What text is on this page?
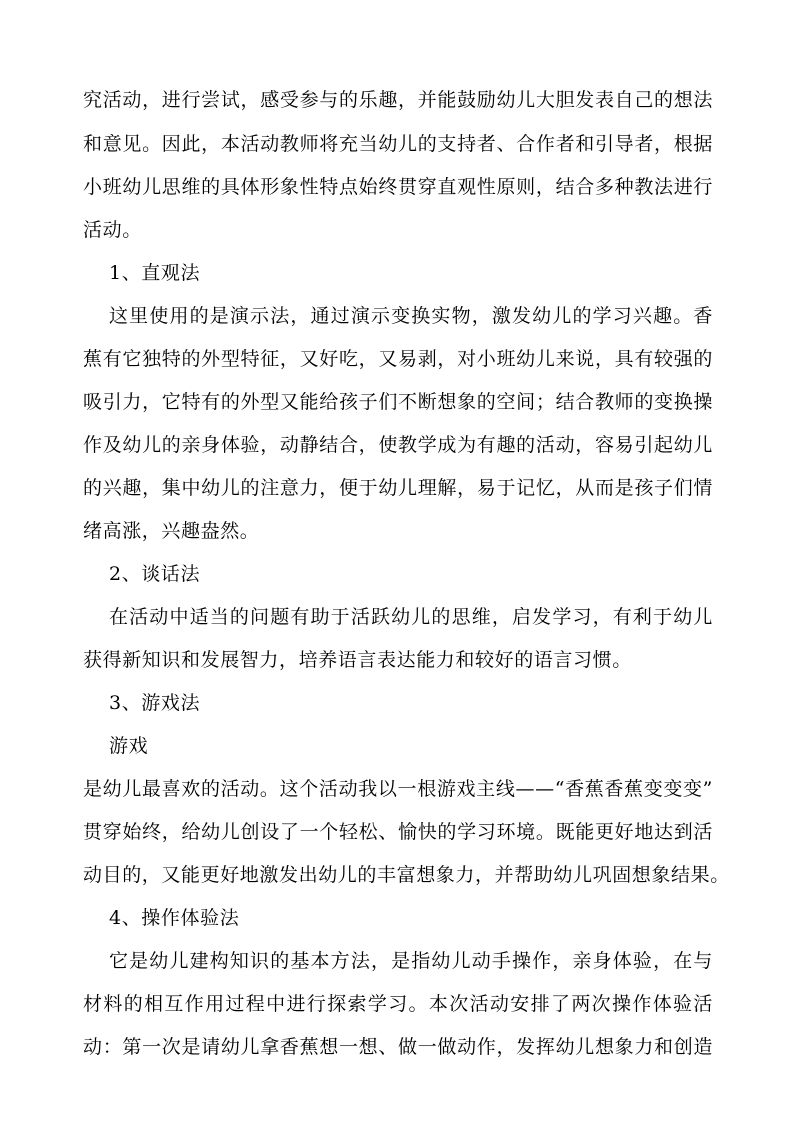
究活动，进行尝试，感受参与的乐趣，并能鼓励幼儿大胆发表自己的想法
和意见。因此，本活动教师将充当幼儿的支持者、合作者和引导者，根据
小班幼儿思维的具体形象性特点始终贯穿直观性原则，结合多种教法进行
活动。
1、直观法
这里使用的是演示法，通过演示变换实物，激发幼儿的学习兴趣。香
蕉有它独特的外型特征，又好吃，又易剥，对小班幼儿来说，具有较强的
吸引力，它特有的外型又能给孩子们不断想象的空间；结合教师的变换操
作及幼儿的亲身体验，动静结合，使教学成为有趣的活动，容易引起幼儿
的兴趣，集中幼儿的注意力，便于幼儿理解，易于记忆，从而是孩子们情
绪高涨，兴趣盎然。
2、谈话法
在活动中适当的问题有助于活跃幼儿的思维，启发学习，有利于幼儿
获得新知识和发展智力，培养语言表达能力和较好的语言习惯。
3、游戏法
游戏
是幼儿最喜欢的活动。这个活动我以一根游戏主线——“香蕉香蕉变变变”
贯穿始终，给幼儿创设了一个轻松、愉快的学习环境。既能更好地达到活
动目的，又能更好地激发出幼儿的丰富想象力，并帮助幼儿巩固想象结果。
4、操作体验法
它是幼儿建构知识的基本方法，是指幼儿动手操作，亲身体验，在与
材料的相互作用过程中进行探索学习。本次活动安排了两次操作体验活
动：第一次是请幼儿拿香蕉想一想、做一做动作，发挥幼儿想象力和创造
